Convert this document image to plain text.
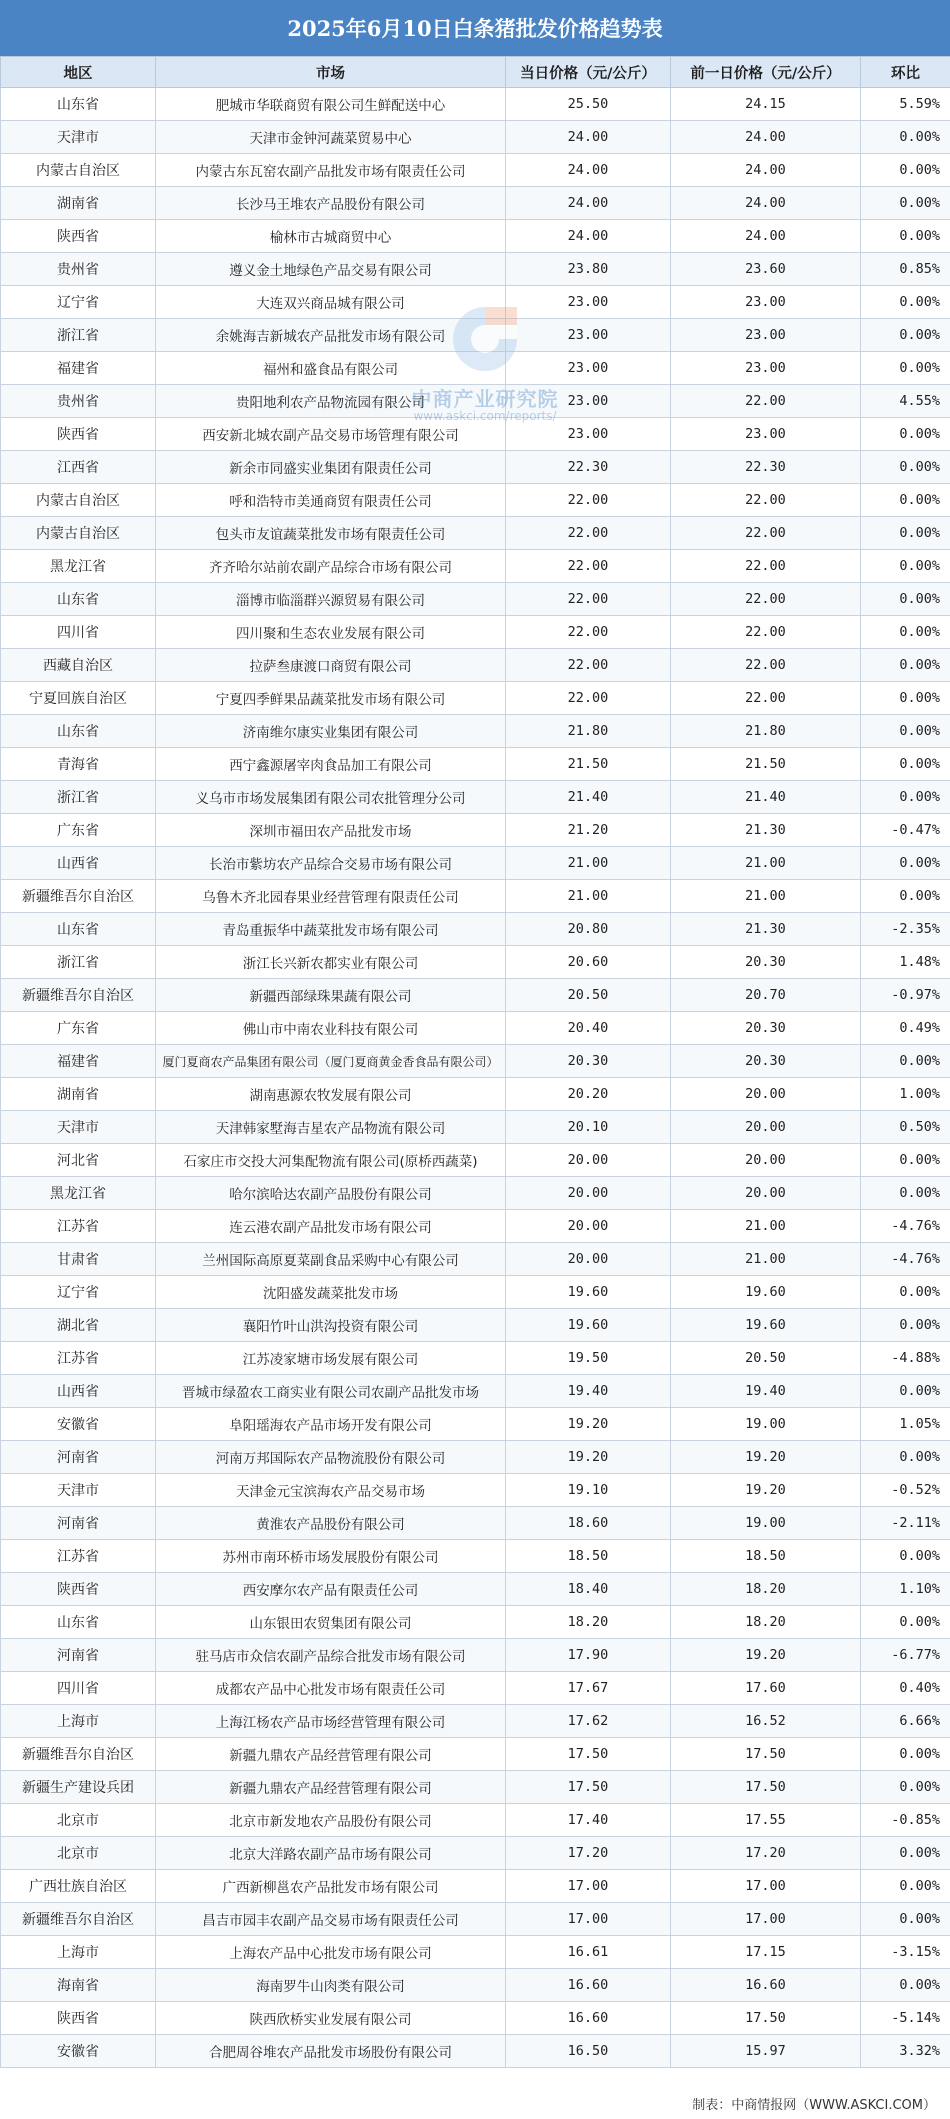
2025年6月10日白条猪批发价格趋势表
地区	市场	当日价格（元/公斤）	前一日价格（元/公斤）	环比
山东省	肥城市华联商贸有限公司生鲜配送中心	25.50	24.15	5.59%
天津市	天津市金钟河蔬菜贸易中心	24.00	24.00	0.00%
内蒙古自治区	内蒙古东瓦窑农副产品批发市场有限责任公司	24.00	24.00	0.00%
湖南省	长沙马王堆农产品股份有限公司	24.00	24.00	0.00%
陕西省	榆林市古城商贸中心	24.00	24.00	0.00%
贵州省	遵义金土地绿色产品交易有限公司	23.80	23.60	0.85%
辽宁省	大连双兴商品城有限公司	23.00	23.00	0.00%
浙江省	余姚海吉新城农产品批发市场有限公司	23.00	23.00	0.00%
福建省	福州和盛食品有限公司	23.00	23.00	0.00%
贵州省	贵阳地利农产品物流园有限公司	23.00	22.00	4.55%
陕西省	西安新北城农副产品交易市场管理有限公司	23.00	23.00	0.00%
江西省	新余市同盛实业集团有限责任公司	22.30	22.30	0.00%
内蒙古自治区	呼和浩特市美通商贸有限责任公司	22.00	22.00	0.00%
内蒙古自治区	包头市友谊蔬菜批发市场有限责任公司	22.00	22.00	0.00%
黑龙江省	齐齐哈尔站前农副产品综合市场有限公司	22.00	22.00	0.00%
山东省	淄博市临淄群兴源贸易有限公司	22.00	22.00	0.00%
四川省	四川聚和生态农业发展有限公司	22.00	22.00	0.00%
西藏自治区	拉萨叁康渡口商贸有限公司	22.00	22.00	0.00%
宁夏回族自治区	宁夏四季鲜果品蔬菜批发市场有限公司	22.00	22.00	0.00%
山东省	济南维尔康实业集团有限公司	21.80	21.80	0.00%
青海省	西宁鑫源屠宰肉食品加工有限公司	21.50	21.50	0.00%
浙江省	义乌市市场发展集团有限公司农批管理分公司	21.40	21.40	0.00%
广东省	深圳市福田农产品批发市场	21.20	21.30	-0.47%
山西省	长治市紫坊农产品综合交易市场有限公司	21.00	21.00	0.00%
新疆维吾尔自治区	乌鲁木齐北园春果业经营管理有限责任公司	21.00	21.00	0.00%
山东省	青岛重振华中蔬菜批发市场有限公司	20.80	21.30	-2.35%
浙江省	浙江长兴新农都实业有限公司	20.60	20.30	1.48%
新疆维吾尔自治区	新疆西部绿珠果蔬有限公司	20.50	20.70	-0.97%
广东省	佛山市中南农业科技有限公司	20.40	20.30	0.49%
福建省	厦门夏商农产品集团有限公司（厦门夏商黄金香食品有限公司）	20.30	20.30	0.00%
湖南省	湖南惠源农牧发展有限公司	20.20	20.00	1.00%
天津市	天津韩家墅海吉星农产品物流有限公司	20.10	20.00	0.50%
河北省	石家庄市交投大河集配物流有限公司(原桥西蔬菜)	20.00	20.00	0.00%
黑龙江省	哈尔滨哈达农副产品股份有限公司	20.00	20.00	0.00%
江苏省	连云港农副产品批发市场有限公司	20.00	21.00	-4.76%
甘肃省	兰州国际高原夏菜副食品采购中心有限公司	20.00	21.00	-4.76%
辽宁省	沈阳盛发蔬菜批发市场	19.60	19.60	0.00%
湖北省	襄阳竹叶山洪沟投资有限公司	19.60	19.60	0.00%
江苏省	江苏凌家塘市场发展有限公司	19.50	20.50	-4.88%
山西省	晋城市绿盈农工商实业有限公司农副产品批发市场	19.40	19.40	0.00%
安徽省	阜阳瑶海农产品市场开发有限公司	19.20	19.00	1.05%
河南省	河南万邦国际农产品物流股份有限公司	19.20	19.20	0.00%
天津市	天津金元宝滨海农产品交易市场	19.10	19.20	-0.52%
河南省	黄淮农产品股份有限公司	18.60	19.00	-2.11%
江苏省	苏州市南环桥市场发展股份有限公司	18.50	18.50	0.00%
陕西省	西安摩尔农产品有限责任公司	18.40	18.20	1.10%
山东省	山东银田农贸集团有限公司	18.20	18.20	0.00%
河南省	驻马店市众信农副产品综合批发市场有限公司	17.90	19.20	-6.77%
四川省	成都农产品中心批发市场有限责任公司	17.67	17.60	0.40%
上海市	上海江杨农产品市场经营管理有限公司	17.62	16.52	6.66%
新疆维吾尔自治区	新疆九鼎农产品经营管理有限公司	17.50	17.50	0.00%
新疆生产建设兵团	新疆九鼎农产品经营管理有限公司	17.50	17.50	0.00%
北京市	北京市新发地农产品股份有限公司	17.40	17.55	-0.85%
北京市	北京大洋路农副产品市场有限公司	17.20	17.20	0.00%
广西壮族自治区	广西新柳邕农产品批发市场有限公司	17.00	17.00	0.00%
新疆维吾尔自治区	昌吉市园丰农副产品交易市场有限责任公司	17.00	17.00	0.00%
上海市	上海农产品中心批发市场有限公司	16.61	17.15	-3.15%
海南省	海南罗牛山肉类有限公司	16.60	16.60	0.00%
陕西省	陕西欣桥实业发展有限公司	16.60	17.50	-5.14%
安徽省	合肥周谷堆农产品批发市场股份有限公司	16.50	15.97	3.32%
中商产业研究院
www.askci.com/reports/
制表：中商情报网（WWW.ASKCI.COM）
